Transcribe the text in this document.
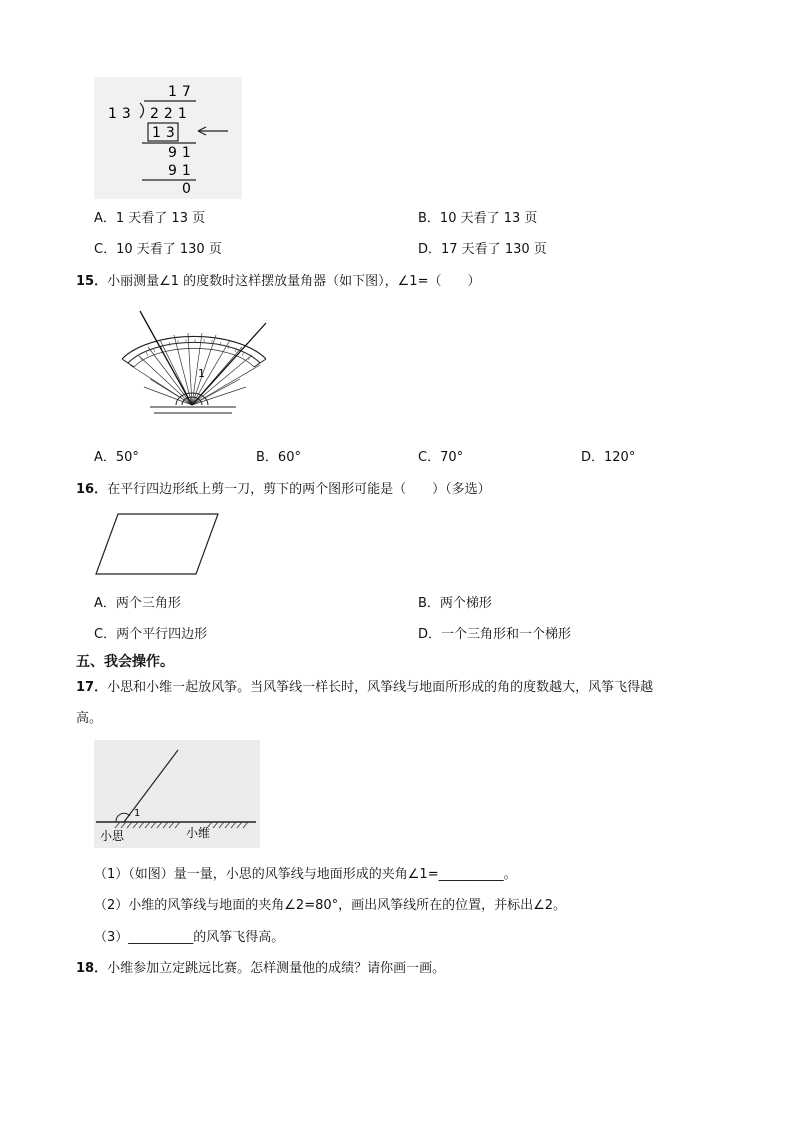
17
13 221
13
91
91
0
A．1 天看了 13 页	B．10 天看了 13 页
C．10 天看了 130 页	D．17 天看了 130 页
15．小丽测量∠1 的度数时这样摆放量角器（如下图），∠1=（　　）
1
A．50°	B．60°	C．70°	D．120°
16．在平行四边形纸上剪一刀，剪下的两个图形可能是（　　）（多选）
A．两个三角形	B．两个梯形
C．两个平行四边形	D．一个三角形和一个梯形
五、我会操作。
17．小思和小维一起放风筝。当风筝线一样长时，风筝线与地面所形成的角的度数越大，风筝飞得越
高。
1
小思	小维
（1）（如图）量一量，小思的风筝线与地面形成的夹角∠1=__________。
（2）小维的风筝线与地面的夹角∠2=80°，画出风筝线所在的位置，并标出∠2。
（3）__________的风筝飞得高。
18．小维参加立定跳远比赛。怎样测量他的成绩？请你画一画。
